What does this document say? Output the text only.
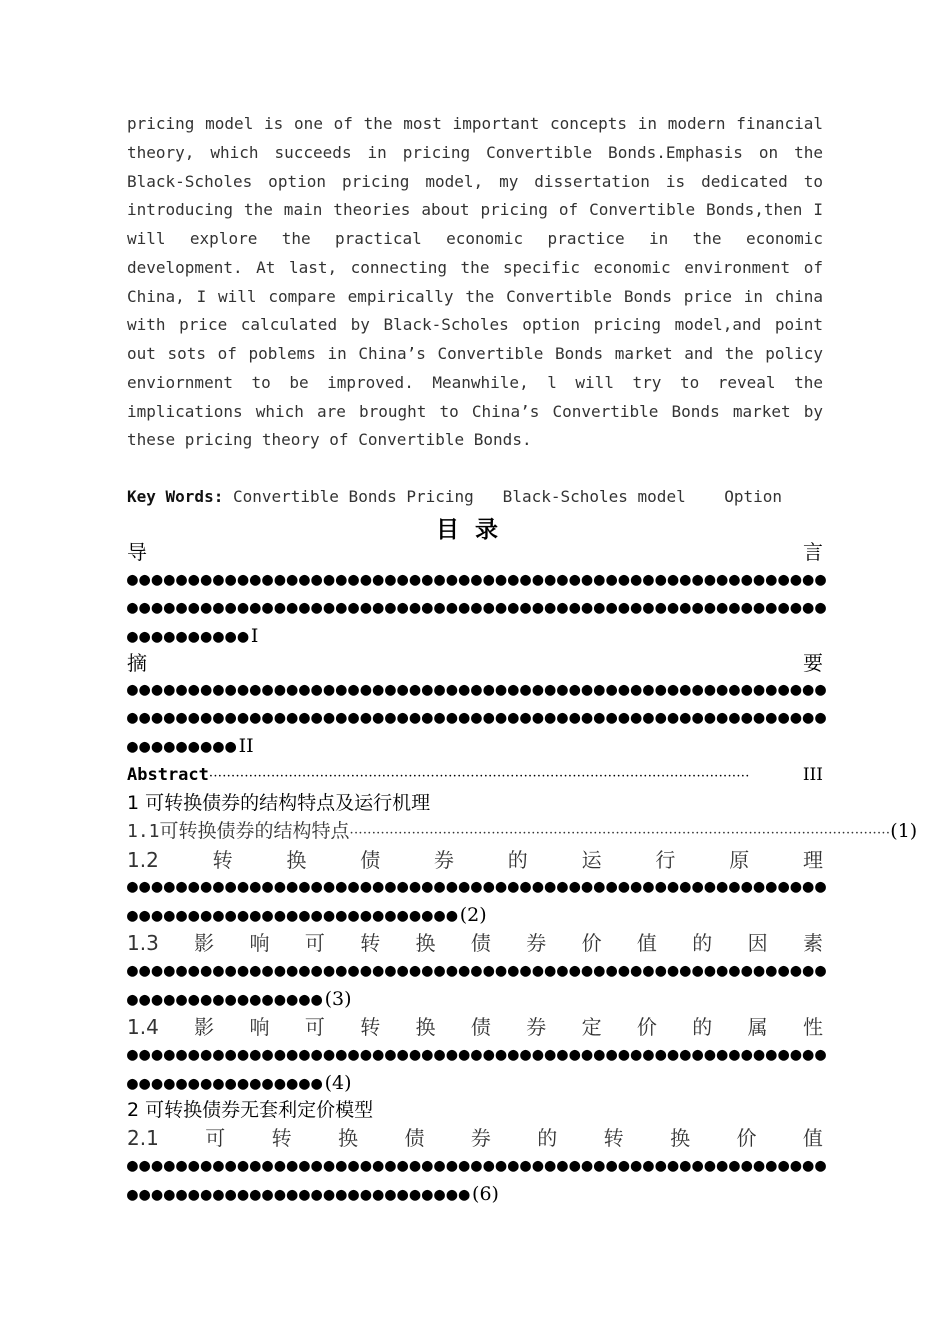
pricing model is one of the most important concepts in modern financial
theory, which succeeds in pricing Convertible Bonds.Emphasis on the
Black-Scholes option pricing model, my dissertation is dedicated to
introducing the main theories about pricing of Convertible Bonds,then I
will explore the practical economic practice in the economic
development. At last, connecting the specific economic environment of
China, I will compare empirically the Convertible Bonds price in china
with price calculated by Black-Scholes option pricing model,and point
out sots of poblems in China’s Convertible Bonds market and the policy
enviornment to be improved. Meanwhile, l will try to reveal the
implications which are brought to China’s Convertible Bonds market by
these pricing theory of Convertible Bonds.
Key Words: Convertible Bonds Pricing   Black-Scholes model    Option
目录
导	言
●●●●●●●●●●●●●●●●●●●●●●●●●●●●●●●●●●●●●●●●●●●●●●●●●●●●●●●●●
●●●●●●●●●●●●●●●●●●●●●●●●●●●●●●●●●●●●●●●●●●●●●●●●●●●●●●●●●
●●●●●●●●●●I
摘	要
●●●●●●●●●●●●●●●●●●●●●●●●●●●●●●●●●●●●●●●●●●●●●●●●●●●●●●●●●
●●●●●●●●●●●●●●●●●●●●●●●●●●●●●●●●●●●●●●●●●●●●●●●●●●●●●●●●●
●●●●●●●●●II
Abstract ··························································································································	III
1 可转换债券的结构特点及运行机理
1.1 可转换债券的结构特点 ·························································································································· (1)
1.2	转	换	债	券	的	运	行	原	理
●●●●●●●●●●●●●●●●●●●●●●●●●●●●●●●●●●●●●●●●●●●●●●●●●●●●●●●●●
●●●●●●●●●●●●●●●●●●●●●●●●●●●(2)
1.3 影 响 可 转 换 债 券 价 值 的 因 素
●●●●●●●●●●●●●●●●●●●●●●●●●●●●●●●●●●●●●●●●●●●●●●●●●●●●●●●●●
●●●●●●●●●●●●●●●●(3)
1.4 影 响 可 转 换 债 券 定 价 的 属 性
●●●●●●●●●●●●●●●●●●●●●●●●●●●●●●●●●●●●●●●●●●●●●●●●●●●●●●●●●
●●●●●●●●●●●●●●●●(4)
2 可转换债券无套利定价模型
2.1 可 转 换 债 券 的 转 换 价 值
●●●●●●●●●●●●●●●●●●●●●●●●●●●●●●●●●●●●●●●●●●●●●●●●●●●●●●●●●
●●●●●●●●●●●●●●●●●●●●●●●●●●●●(6)
